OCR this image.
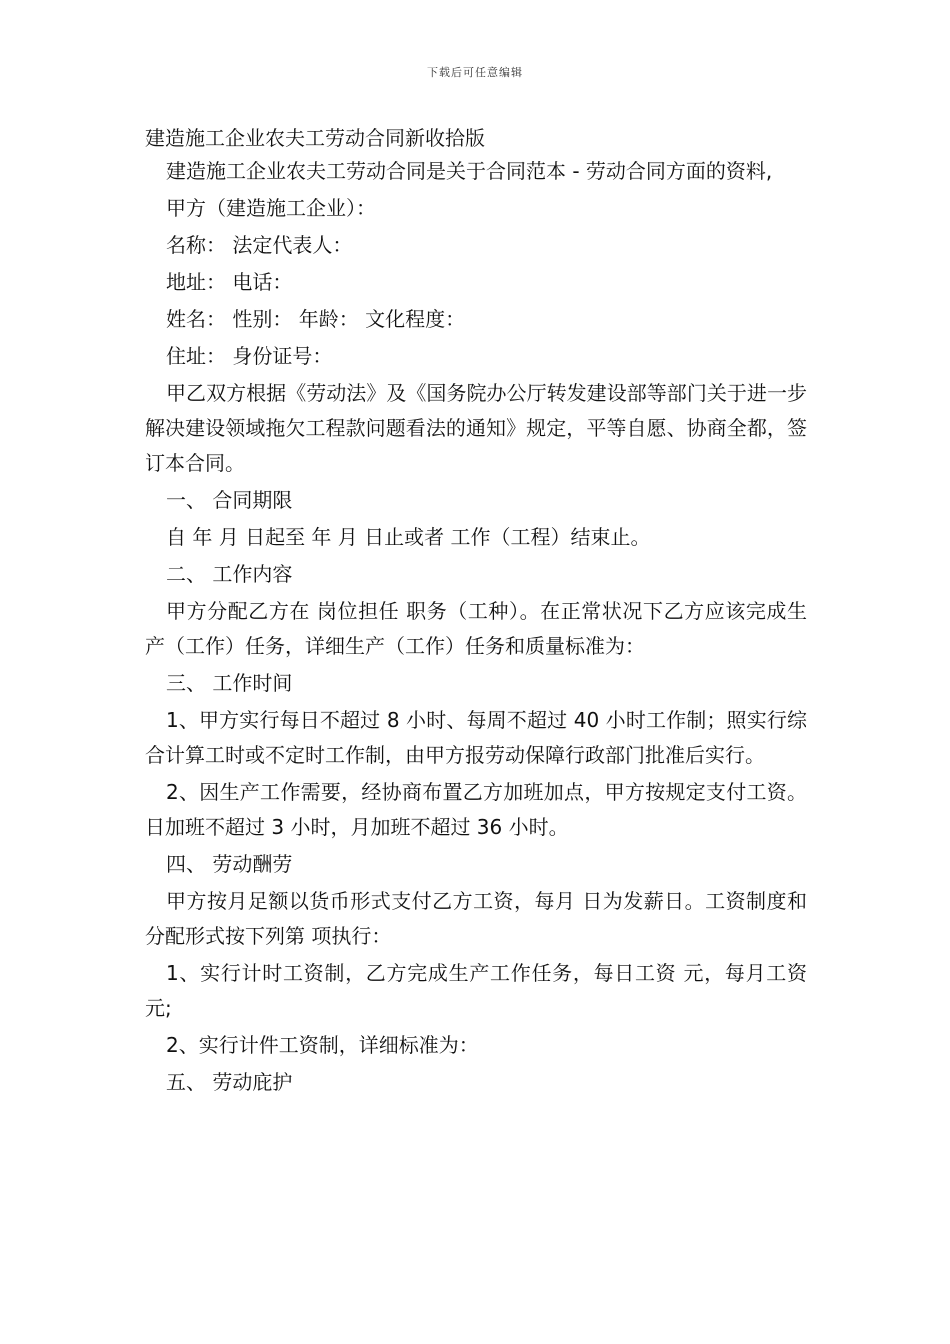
下载后可任意编辑
建造施工企业农夫工劳动合同新收拾版

建造施工企业农夫工劳动合同是关于合同范本 - 劳动合同方面的资料,

甲方（建造施工企业）：

名称： 法定代表人：

地址： 电话：

姓名： 性别： 年龄： 文化程度：

住址： 身份证号：

甲乙双方根据《劳动法》及《国务院办公厅转发建设部等部门关于进一步解决建设领域拖欠工程款问题看法的通知》规定，平等自愿、协商全都，签订本合同。

一、 合同期限

自 年 月 日起至 年 月 日止或者 工作（工程）结束止。

二、 工作内容

甲方分配乙方在 岗位担任 职务（工种）。在正常状况下乙方应该完成生产（工作）任务，详细生产（工作）任务和质量标准为：

三、 工作时间

1、甲方实行每日不超过 8 小时、每周不超过 40 小时工作制；照实行综合计算工时或不定时工作制，由甲方报劳动保障行政部门批准后实行。

2、因生产工作需要，经协商布置乙方加班加点，甲方按规定支付工资。日加班不超过 3 小时，月加班不超过 36 小时。

四、 劳动酬劳

甲方按月足额以货币形式支付乙方工资，每月 日为发薪日。工资制度和分配形式按下列第 项执行：

1、实行计时工资制，乙方完成生产工作任务，每日工资 元，每月工资 元;

2、实行计件工资制，详细标准为：

五、 劳动庇护
